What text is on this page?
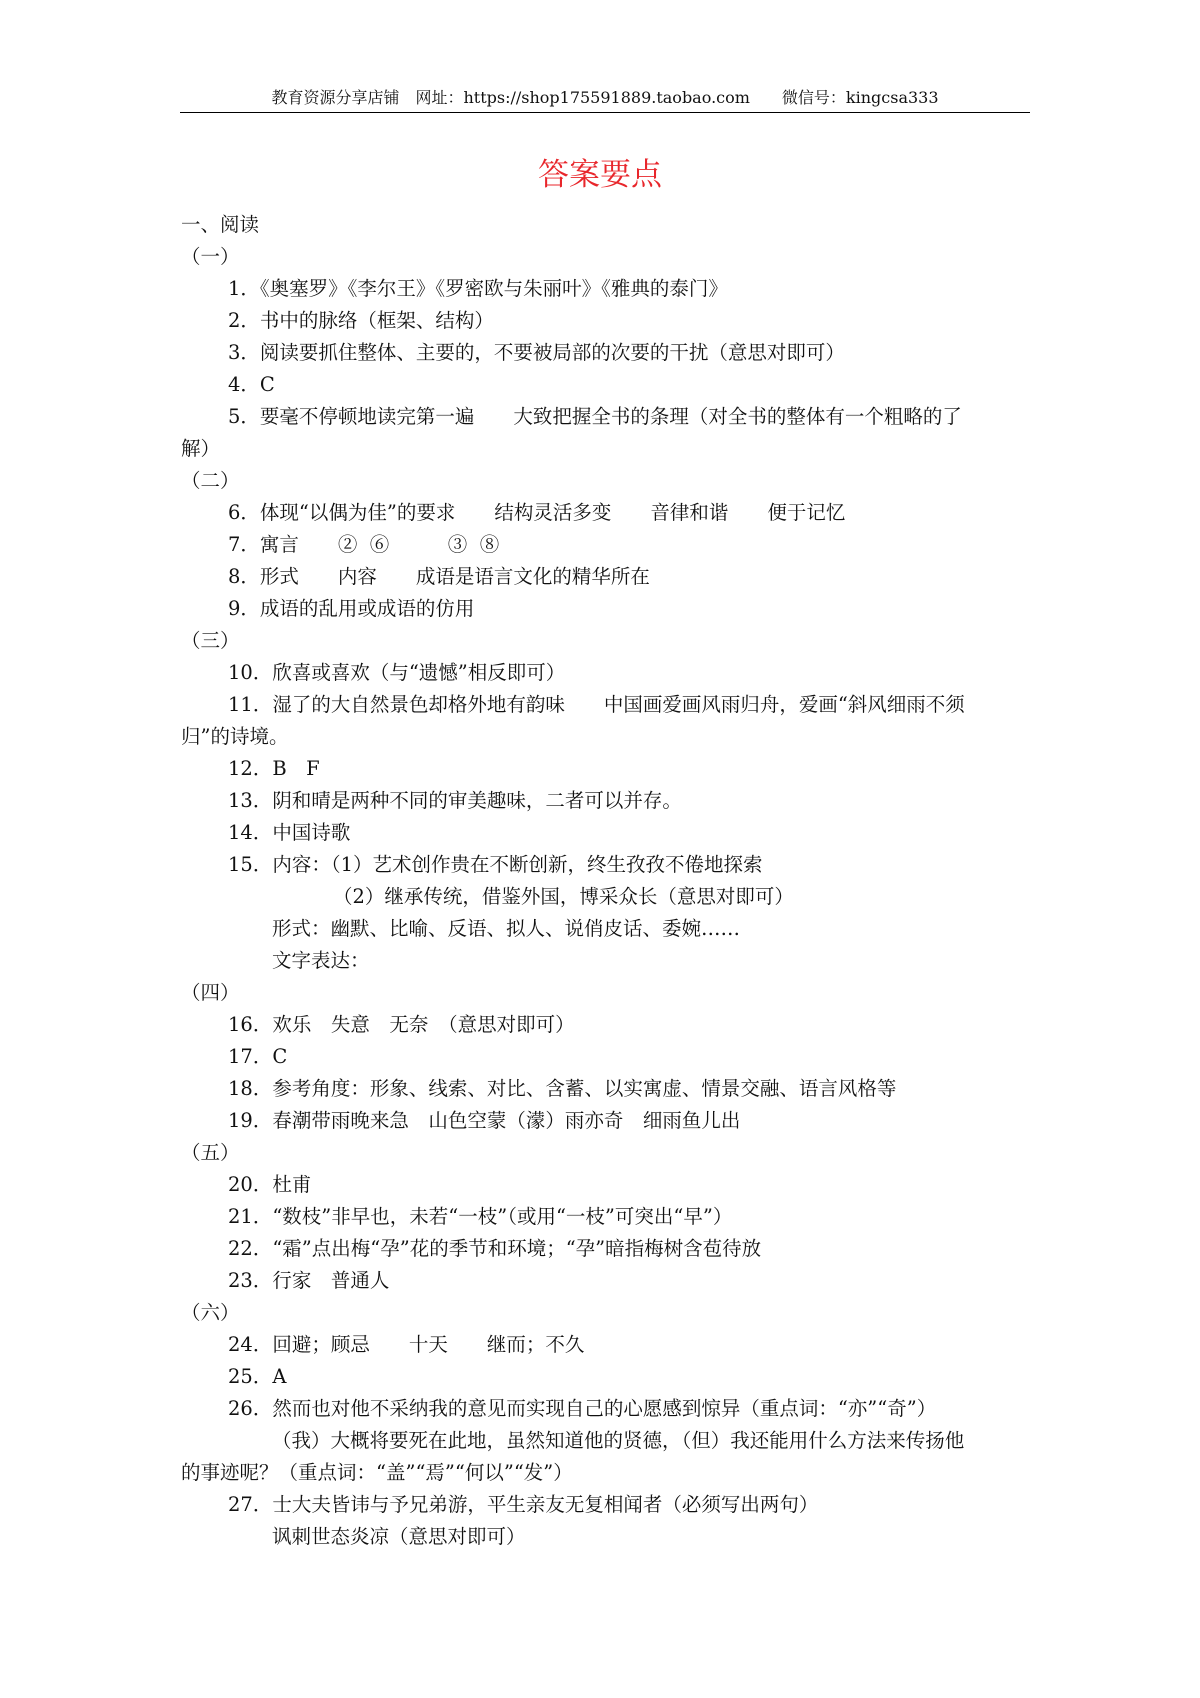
教育资源分享店铺　网址：https://shop175591889.taobao.com　　微信号：kingcsa333
答案要点
一、阅读
（一）
1．《奥塞罗》《李尔王》《罗密欧与朱丽叶》《雅典的泰门》
2．书中的脉络（框架、结构）
3．阅读要抓住整体、主要的，不要被局部的次要的干扰（意思对即可）
4．C
5．要毫不停顿地读完第一遍　　大致把握全书的条理（对全书的整体有一个粗略的了
解）
（二）
6．体现“以偶为佳”的要求　　结构灵活多变　　音律和谐　　便于记忆
7．寓言　　②  ⑥　　　③  ⑧
8．形式　　内容　　成语是语言文化的精华所在
9．成语的乱用或成语的仿用
（三）
10．欣喜或喜欢（与“遗憾”相反即可）
11．湿了的大自然景色却格外地有韵味　　中国画爱画风雨归舟，爱画“斜风细雨不须
归”的诗境。
12．B　F
13．阴和晴是两种不同的审美趣味，二者可以并存。
14．中国诗歌
15．内容：（1）艺术创作贵在不断创新，终生孜孜不倦地探索
（2）继承传统，借鉴外国，博采众长（意思对即可）
形式：幽默、比喻、反语、拟人、说俏皮话、委婉……
文字表达：
（四）
16．欢乐　失意　无奈　（意思对即可）
17．C
18．参考角度：形象、线索、对比、含蓄、以实寓虚、情景交融、语言风格等
19．春潮带雨晚来急　山色空蒙（濛）雨亦奇　细雨鱼儿出
（五）
20．杜甫
21．“数枝”非早也，未若“一枝”（或用“一枝”可突出“早”）
22．“霜”点出梅“孕”花的季节和环境；“孕”暗指梅树含苞待放
23．行家　普通人
（六）
24．回避；顾忌　　十天　　继而；不久
25．A
26．然而也对他不采纳我的意见而实现自己的心愿感到惊异（重点词：“亦”“奇”）
（我）大概将要死在此地，虽然知道他的贤德，（但）我还能用什么方法来传扬他
的事迹呢？（重点词：“盖”“焉”“何以”“发”）
27．士大夫皆讳与予兄弟游，平生亲友无复相闻者（必须写出两句）
讽刺世态炎凉（意思对即可）
